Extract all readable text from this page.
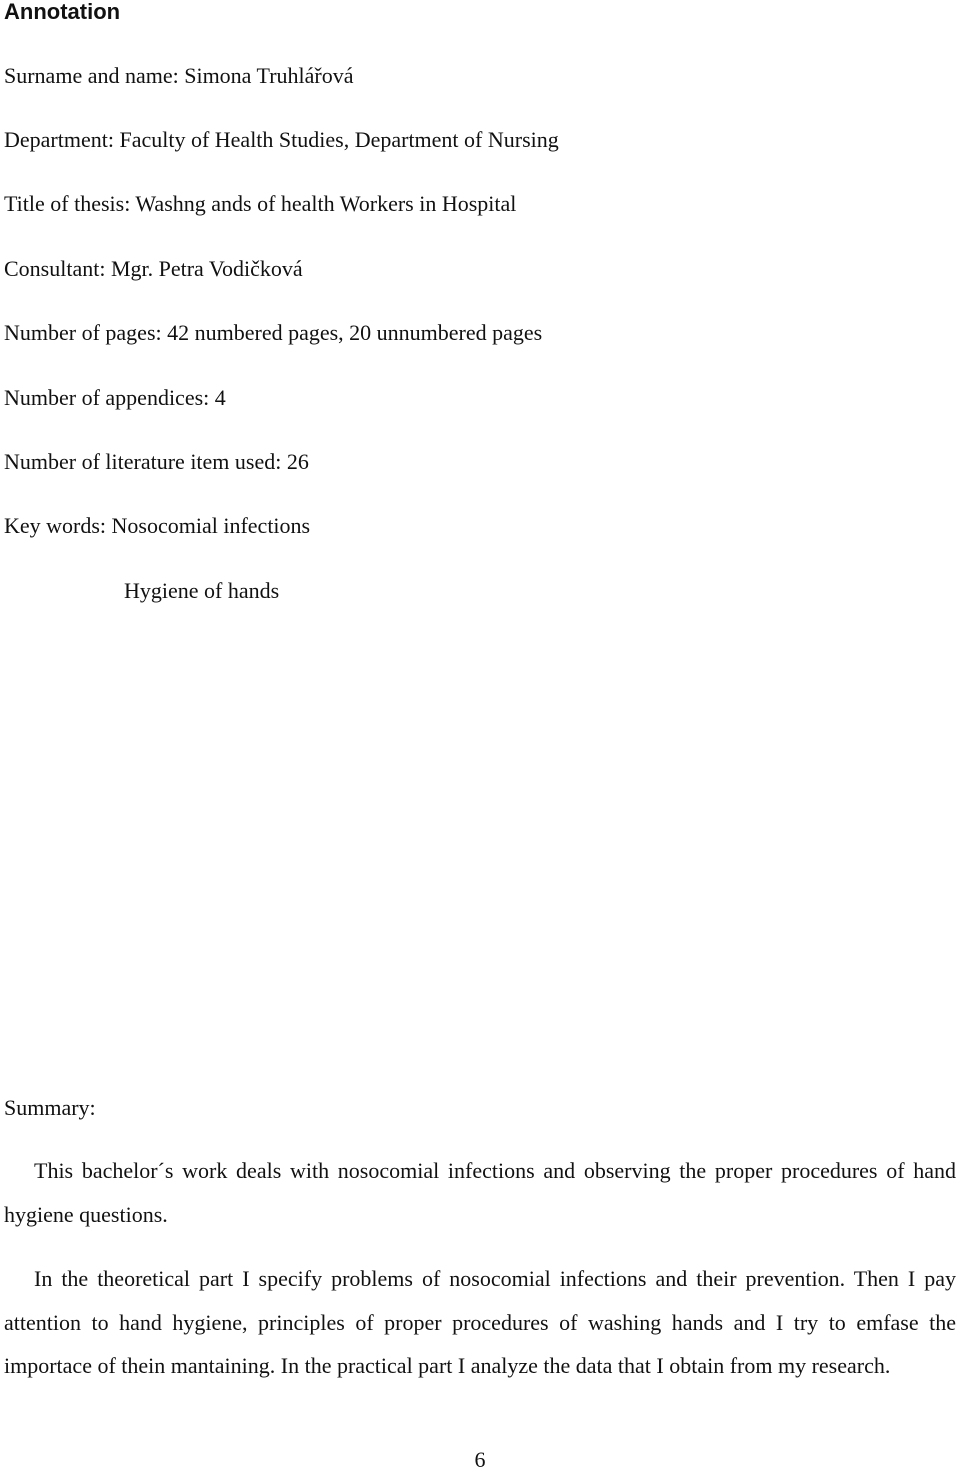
Annotation
Surname and name: Simona Truhlářová
Department: Faculty of Health Studies, Department of Nursing
Title of thesis: Washng ands of health Workers in Hospital
Consultant: Mgr. Petra Vodičková
Number of pages: 42 numbered pages, 20 unnumbered pages
Number of appendices: 4
Number of literature item used: 26
Key words: Nosocomial infections
Hygiene of hands
Summary:
This bachelor´s work deals with nosocomial infections and observing the proper procedures of hand hygiene questions.
In the theoretical part I specify problems of nosocomial infections and their prevention. Then I pay attention to hand hygiene, principles of proper procedures of washing hands and I try to emfase the importace of thein mantaining. In the practical part I analyze the data that I obtain from my research.
6
